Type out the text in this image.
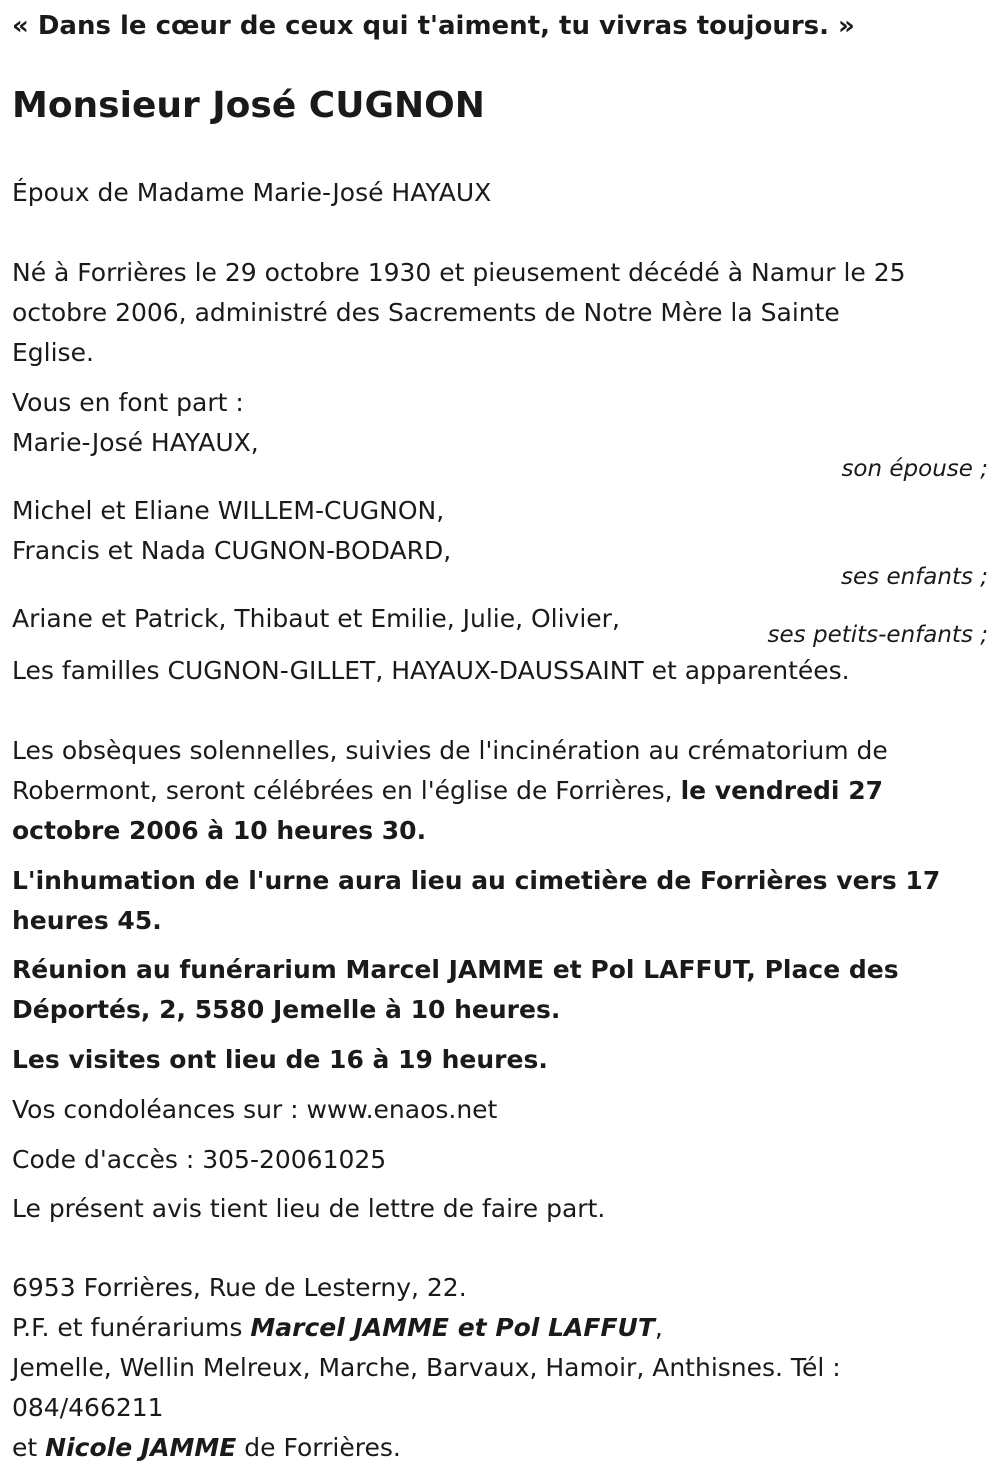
« Dans le cœur de ceux qui t'aiment, tu vivras toujours. »
Monsieur José CUGNON
Époux de Madame Marie-José HAYAUX
Né à Forrières le 29 octobre 1930 et pieusement décédé à Namur le 25
octobre 2006, administré des Sacrements de Notre Mère la Sainte
Eglise.
Vous en font part :
Marie-José HAYAUX,
son épouse ;
Michel et Eliane WILLEM-CUGNON,
Francis et Nada CUGNON-BODARD,
ses enfants ;
Ariane et Patrick, Thibaut et Emilie, Julie, Olivier,
ses petits-enfants ;
Les familles CUGNON-GILLET, HAYAUX-DAUSSAINT et apparentées.
Les obsèques solennelles, suivies de l'incinération au crématorium de
Robermont, seront célébrées en l'église de Forrières, le vendredi 27
octobre 2006 à 10 heures 30.
L'inhumation de l'urne aura lieu au cimetière de Forrières vers 17
heures 45.
Réunion au funérarium Marcel JAMME et Pol LAFFUT, Place des
Déportés, 2, 5580 Jemelle à 10 heures.
Les visites ont lieu de 16 à 19 heures.
Vos condoléances sur : www.enaos.net
Code d'accès : 305-20061025
Le présent avis tient lieu de lettre de faire part.
6953 Forrières, Rue de Lesterny, 22.
P.F. et funérariums Marcel JAMME et Pol LAFFUT,
Jemelle, Wellin Melreux, Marche, Barvaux, Hamoir, Anthisnes. Tél :
084/466211
et Nicole JAMME de Forrières.
